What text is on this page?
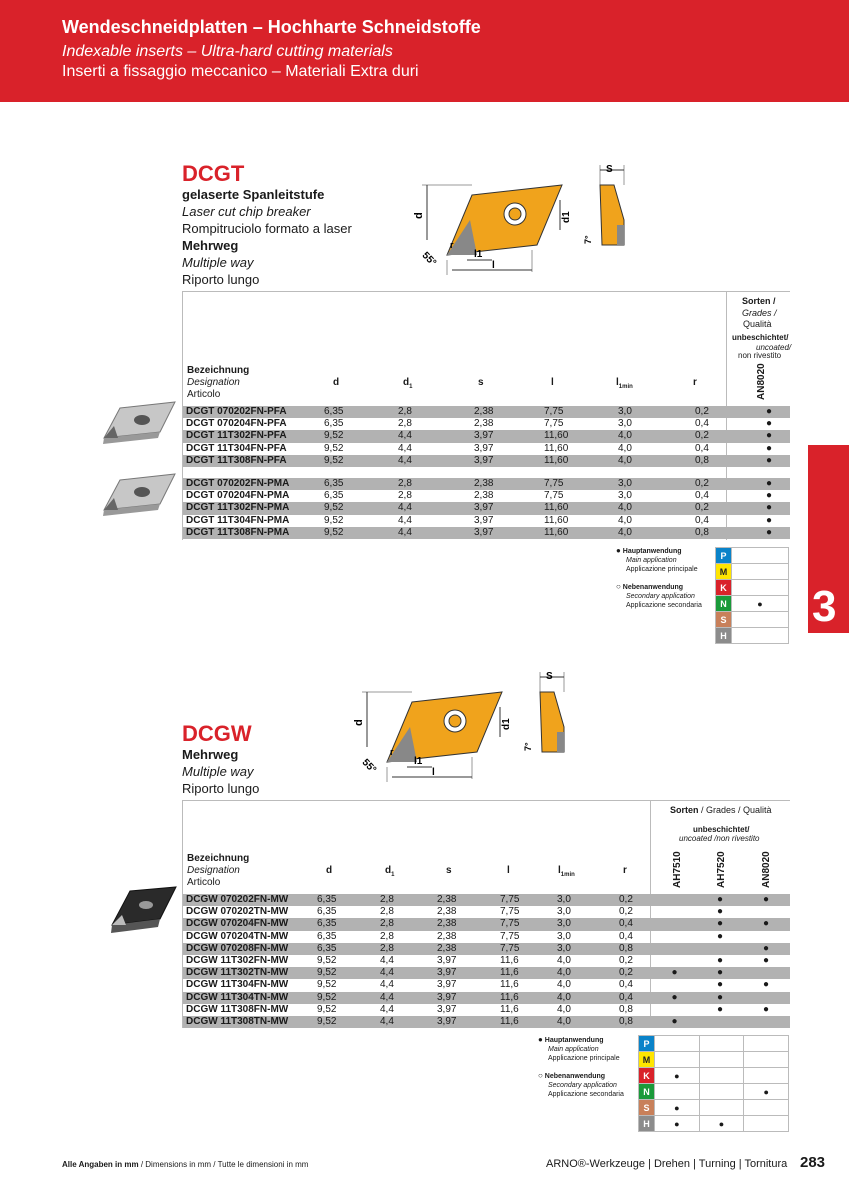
Wendeschneidplatten – Hochharte Schneidstoffe
Indexable inserts – Ultra-hard cutting materials
Inserti a fissaggio meccanico – Materiali Extra duri
3
DCGT
gelaserte Spanleitstufe
Laser cut chip breaker
Rompitruciolo formato a laser
Mehrweg
Multiple way
Riporto lungo
d	d1
l1
l
r
55°
S
7°
Sorten /
Grades /
Qualità
unbeschichtet/
uncoated/
non rivestito
AN8020
Bezeichnung
Designation
Articolo
d	$d_1$	s	l	$l_{1min}$	r
DCGT 070202FN-PFA	6,35	2,8	2,38	7,75	3,0	0,2	●
DCGT 070204FN-PFA	6,35	2,8	2,38	7,75	3,0	0,4	●
DCGT 11T302FN-PFA	9,52	4,4	3,97	11,60	4,0	0,2	●
DCGT 11T304FN-PFA	9,52	4,4	3,97	11,60	4,0	0,4	●
DCGT 11T308FN-PFA	9,52	4,4	3,97	11,60	4,0	0,8	●
DCGT 070202FN-PMA	6,35	2,8	2,38	7,75	3,0	0,2	●
DCGT 070204FN-PMA	6,35	2,8	2,38	7,75	3,0	0,4	●
DCGT 11T302FN-PMA	9,52	4,4	3,97	11,60	4,0	0,2	●
DCGT 11T304FN-PMA	9,52	4,4	3,97	11,60	4,0	0,4	●
DCGT 11T308FN-PMA	9,52	4,4	3,97	11,60	4,0	0,8	●
● Hauptanwendung
Main application
Applicazione principale
○ Nebenanwendung
Secondary application
Applicazione secondaria
P	
M	
K	
N	●
S	
H	
d	d1
l1
l
r
55°
S
7°
DCGW
Mehrweg
Multiple way
Riporto lungo
Sorten / Grades / Qualità
unbeschichtet/
uncoated /non rivestito
AH7510	AH7520	AN8020
Bezeichnung
Designation
Articolo
d	$d_1$	s	l	$l_{1min}$	r
DCGW 070202FN-MW	6,35	2,8	2,38	7,75	3,0	0,2		●	●
DCGW 070202TN-MW	6,35	2,8	2,38	7,75	3,0	0,2		●	
DCGW 070204FN-MW	6,35	2,8	2,38	7,75	3,0	0,4		●	●
DCGW 070204TN-MW	6,35	2,8	2,38	7,75	3,0	0,4		●	
DCGW 070208FN-MW	6,35	2,8	2,38	7,75	3,0	0,8			●
DCGW 11T302FN-MW	9,52	4,4	3,97	11,6	4,0	0,2		●	●
DCGW 11T302TN-MW	9,52	4,4	3,97	11,6	4,0	0,2	●	●	
DCGW 11T304FN-MW	9,52	4,4	3,97	11,6	4,0	0,4		●	●
DCGW 11T304TN-MW	9,52	4,4	3,97	11,6	4,0	0,4	●	●	
DCGW 11T308FN-MW	9,52	4,4	3,97	11,6	4,0	0,8		●	●
DCGW 11T308TN-MW	9,52	4,4	3,97	11,6	4,0	0,8	●		
● Hauptanwendung
Main application
Applicazione principale
○ Nebenanwendung
Secondary application
Applicazione secondaria
P			
M			
K	●		
N			●
S	●		
H	●	●	
Alle Angaben in mm / Dimensions in mm / Tutte le dimensioni in mm	ARNO®-Werkzeuge | Drehen | Turning | Tornitura 283
